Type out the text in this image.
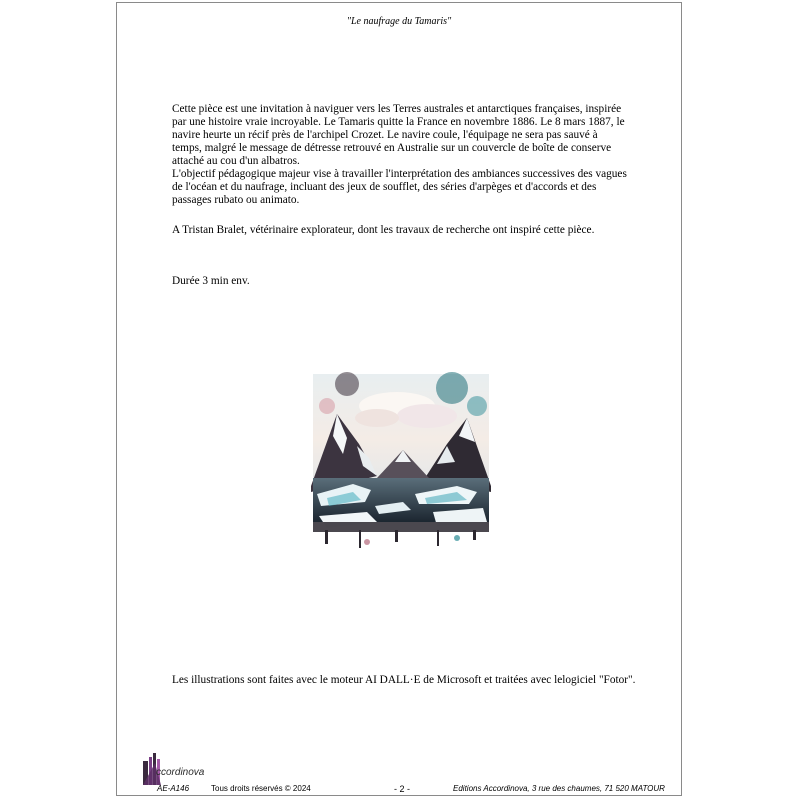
"Le naufrage du Tamaris"

Cette pièce est une invitation à naviguer vers les Terres australes et antarctiques françaises, inspirée par une histoire vraie incroyable. Le Tamaris quitte la France en novembre 1886. Le 8 mars 1887, le navire heurte un récif près de l'archipel Crozet. Le navire coule, l'équipage ne sera pas sauvé à temps, malgré le message de détresse retrouvé en Australie sur un couvercle de boîte de conserve attaché au cou d'un albatros.

L'objectif pédagogique majeur vise à travailler l'interprétation des ambiances successives des vagues de l'océan et du naufrage, incluant des jeux de soufflet, des séries d'arpèges et d'accords et des passages rubato ou animato.

A Tristan Bralet, vétérinaire explorateur, dont les travaux de recherche ont inspiré cette pièce.
Durée 3 min env.
Les illustrations sont faites avec le moteur AI DALL·E de Microsoft et traitées avec lelogiciel "Fotor".
ccordinova
AE-A146	Tous droits réservés © 2024	- 2 -	Editions Accordinova, 3 rue des chaumes, 71 520 MATOUR
